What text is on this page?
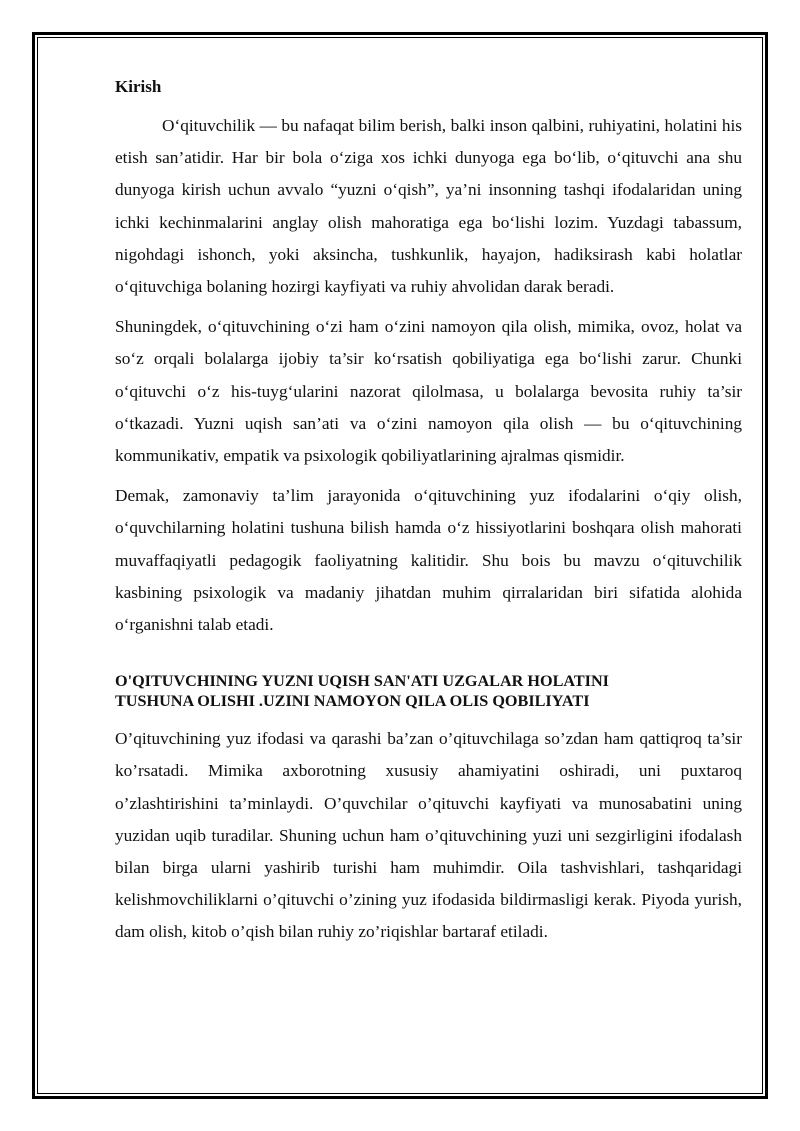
Kirish

O‘qituvchilik — bu nafaqat bilim berish, balki inson qalbini, ruhiyatini, holatini his etish san’atidir. Har bir bola o‘ziga xos ichki dunyoga ega bo‘lib, o‘qituvchi ana shu dunyoga kirish uchun avvalo “yuzni o‘qish”, ya’ni insonning tashqi ifodalaridan uning ichki kechinmalarini anglay olish mahoratiga ega bo‘lishi lozim. Yuzdagi tabassum, nigohdagi ishonch, yoki aksincha, tushkunlik, hayajon, hadiksirash kabi holatlar o‘qituvchiga bolaning hozirgi kayfiyati va ruhiy ahvolidan darak beradi.

Shuningdek, o‘qituvchining o‘zi ham o‘zini namoyon qila olish, mimika, ovoz, holat va so‘z orqali bolalarga ijobiy ta’sir ko‘rsatish qobiliyatiga ega bo‘lishi zarur. Chunki o‘qituvchi o‘z his-tuyg‘ularini nazorat qilolmasa, u bolalarga bevosita ruhiy ta’sir o‘tkazadi. Yuzni uqish san’ati va o‘zini namoyon qila olish — bu o‘qituvchining kommunikativ, empatik va psixologik qobiliyatlarining ajralmas qismidir.

Demak, zamonaviy ta’lim jarayonida o‘qituvchining yuz ifodalarini o‘qiy olish, o‘quvchilarning holatini tushuna bilish hamda o‘z hissiyotlarini boshqara olish mahorati muvaffaqiyatli pedagogik faoliyatning kalitidir. Shu bois bu mavzu o‘qituvchilik kasbining psixologik va madaniy jihatdan muhim qirralaridan biri sifatida alohida o‘rganishni talab etadi.

O'QITUVCHINING YUZNI UQISH SAN'ATI UZGALAR HOLATINI
TUSHUNA OLISHI .UZINI NAMOYON QILA OLIS QOBILIYATI

O’qituvchining yuz ifodasi va qarashi ba’zan o’qituvchilaga so’zdan ham qattiqroq ta’sir ko’rsatadi. Mimika axborotning xususiy ahamiyatini oshiradi, uni puxtaroq o’zlashtirishini ta’minlaydi. O’quvchilar o’qituvchi kayfiyati va munosabatini uning yuzidan uqib turadilar. Shuning uchun ham o’qituvchining yuzi uni sezgirligini ifodalash bilan birga ularni yashirib turishi ham muhimdir. Oila tashvishlari, tashqaridagi kelishmovchiliklarni o’qituvchi o’zining yuz ifodasida bildirmasligi kerak. Piyoda yurish, dam olish, kitob o’qish bilan ruhiy zo’riqishlar bartaraf etiladi.
